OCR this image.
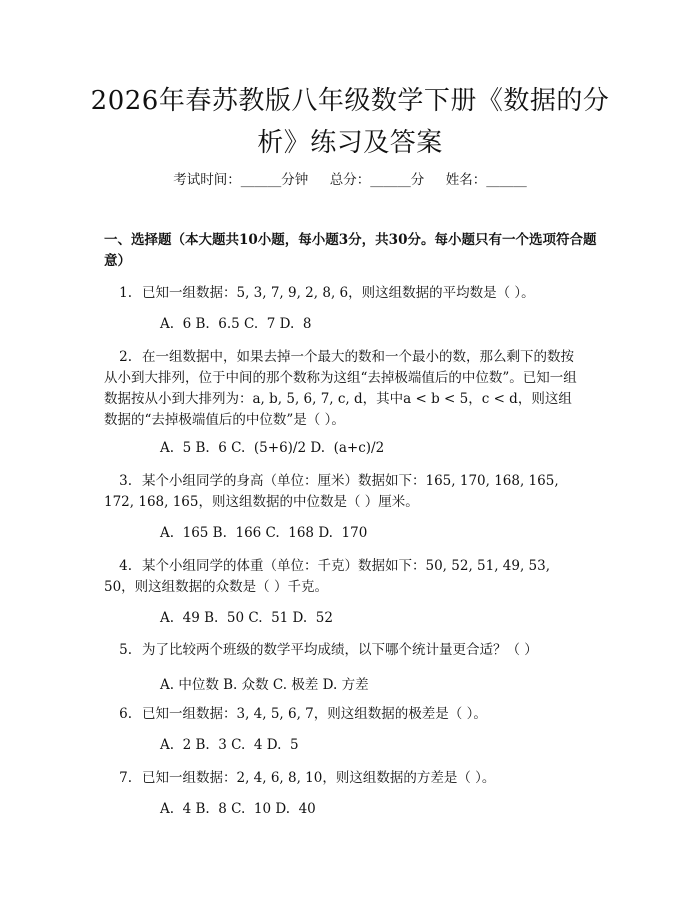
2026年春苏教版八年级数学下册《数据的分
析》练习及答案
考试时间：______分钟     总分：______分     姓名：______
一、选择题（本大题共10小题，每小题3分，共30分。每小题只有一个选项符合题意）
1. 已知一组数据：5, 3, 7, 9, 2, 8, 6，则这组数据的平均数是（ ）。
A.  6 B.  6.5 C.  7 D.  8
2. 在一组数据中，如果去掉一个最大的数和一个最小的数，那么剩下的数按从小到大排列，位于中间的那个数称为这组“去掉极端值后的中位数”。已知一组数据按从小到大排列为：a, b, 5, 6, 7, c, d，其中a < b < 5，c < d，则这组数据的“去掉极端值后的中位数”是（ ）。
A.  5 B.  6 C.  (5+6)/2 D.  (a+c)/2
3. 某个小组同学的身高（单位：厘米）数据如下：165, 170, 168, 165, 172, 168, 165，则这组数据的中位数是（ ）厘米。
A.  165 B.  166 C.  168 D.  170
4. 某个小组同学的体重（单位：千克）数据如下：50, 52, 51, 49, 53, 50，则这组数据的众数是（ ）千克。
A.  49 B.  50 C.  51 D.  52
5. 为了比较两个班级的数学平均成绩，以下哪个统计量更合适？（ ）
A. 中位数 B. 众数 C. 极差 D. 方差
6. 已知一组数据：3, 4, 5, 6, 7，则这组数据的极差是（ ）。
A.  2 B.  3 C.  4 D.  5
7. 已知一组数据：2, 4, 6, 8, 10，则这组数据的方差是（ ）。
A.  4 B.  8 C.  10 D.  40
